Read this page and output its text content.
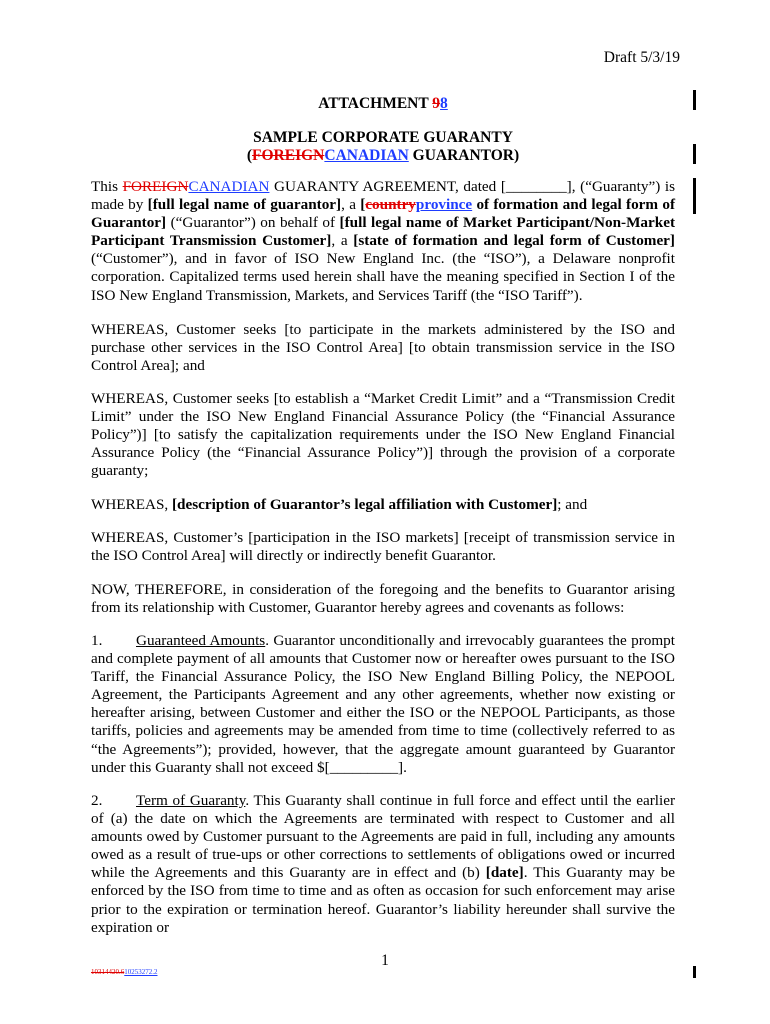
Draft 5/3/19
ATTACHMENT 98
SAMPLE CORPORATE GUARANTY
(FOREIGNCANADIAN GUARANTOR)

This FOREIGNCANADIAN GUARANTY AGREEMENT, dated [________], (“Guaranty”) is made by [full legal name of guarantor], a [countryprovince of formation and legal form of Guarantor] (“Guarantor”) on behalf of [full legal name of Market Participant/Non-Market Participant Transmission Customer], a [state of formation and legal form of Customer] (“Customer”), and in favor of ISO New England Inc. (the “ISO”), a Delaware nonprofit corporation. Capitalized terms used herein shall have the meaning specified in Section I of the ISO New England Transmission, Markets, and Services Tariff (the “ISO Tariff”).

WHEREAS, Customer seeks [to participate in the markets administered by the ISO and purchase other services in the ISO Control Area] [to obtain transmission service in the ISO Control Area]; and

WHEREAS, Customer seeks [to establish a “Market Credit Limit” and a “Transmission Credit Limit” under the ISO New England Financial Assurance Policy (the “Financial Assurance Policy”)] [to satisfy the capitalization requirements under the ISO New England Financial Assurance Policy (the “Financial Assurance Policy”)] through the provision of a corporate guaranty;

WHEREAS, [description of Guarantor’s legal affiliation with Customer]; and

WHEREAS, Customer’s [participation in the ISO markets] [receipt of transmission service in the ISO Control Area] will directly or indirectly benefit Guarantor.

NOW, THEREFORE, in consideration of the foregoing and the benefits to Guarantor arising from its relationship with Customer, Guarantor hereby agrees and covenants as follows:

1. Guaranteed Amounts. Guarantor unconditionally and irrevocably guarantees the prompt and complete payment of all amounts that Customer now or hereafter owes pursuant to the ISO Tariff, the Financial Assurance Policy, the ISO New England Billing Policy, the NEPOOL Agreement, the Participants Agreement and any other agreements, whether now existing or hereafter arising, between Customer and either the ISO or the NEPOOL Participants, as those tariffs, policies and agreements may be amended from time to time (collectively referred to as “the Agreements”); provided, however, that the aggregate amount guaranteed by Guarantor under this Guaranty shall not exceed $[_________].

2. Term of Guaranty. This Guaranty shall continue in full force and effect until the earlier of (a) the date on which the Agreements are terminated with respect to Customer and all amounts owed by Customer pursuant to the Agreements are paid in full, including any amounts owed as a result of true-ups or other corrections to settlements of obligations owed or incurred while the Agreements and this Guaranty are in effect and (b) [date]. This Guaranty may be enforced by the ISO from time to time and as often as occasion for such enforcement may arise prior to the expiration or termination hereof. Guarantor’s liability hereunder shall survive the expiration or

1
10314420.610253272.2
